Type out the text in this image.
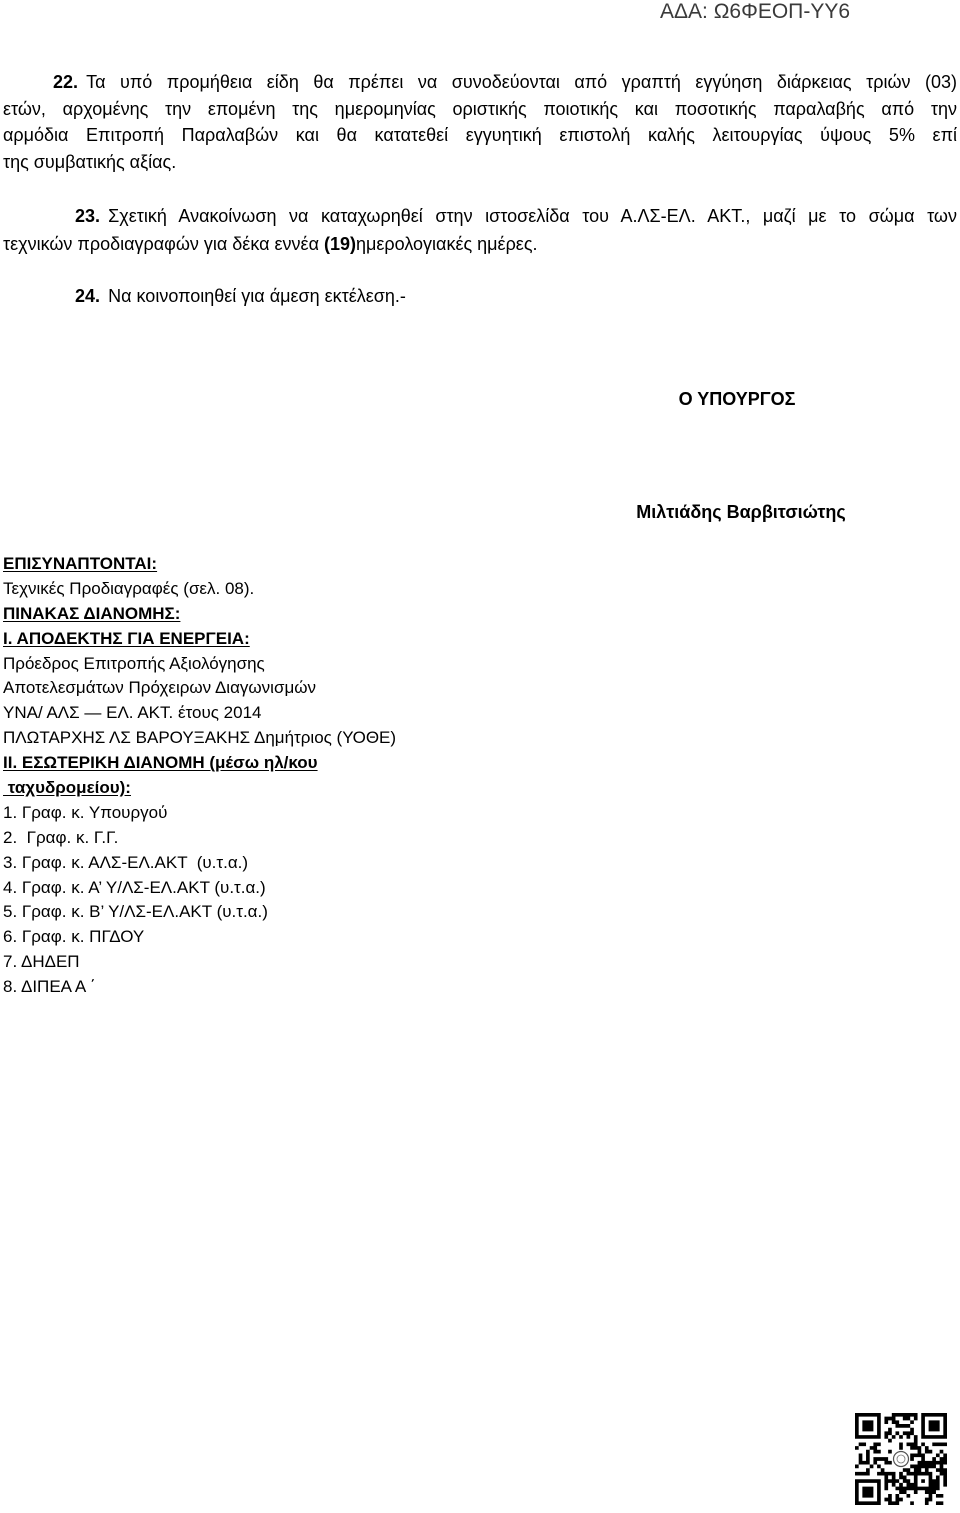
ΑΔΑ: Ω6ΦΕΟΠ-ΥΥ6
22. Τα υπό προμήθεια είδη θα πρέπει να συνοδεύονται από γραπτή εγγύηση διάρκειας τριών (03)
ετών, αρχομένης την επομένη της ημερομηνίας οριστικής ποιοτικής και ποσοτικής παραλαβής από την
αρμόδια Επιτροπή Παραλαβών και θα κατατεθεί εγγυητική επιστολή καλής λειτουργίας ύψους 5% επί
της συμβατικής αξίας.
23. Σχετική Ανακοίνωση να καταχωρηθεί στην ιστοσελίδα του Α.ΛΣ-ΕΛ. ΑΚΤ., μαζί με το σώμα των
τεχνικών προδιαγραφών για δέκα εννέα (19)ημερολογιακές ημέρες.
24. Να κοινοποιηθεί για άμεση εκτέλεση.-
Ο ΥΠΟΥΡΓΟΣ
Μιλτιάδης Βαρβιτσιώτης
ΕΠΙΣΥΝΑΠΤΟΝΤΑΙ:
Τεχνικές Προδιαγραφές (σελ. 08).
ΠΙΝΑΚΑΣ ΔΙΑΝΟΜΗΣ:
Ι. ΑΠΟΔΕΚΤΗΣ ΓΙΑ ΕΝΕΡΓΕΙΑ:
Πρόεδρος Επιτροπής Αξιολόγησης
Αποτελεσμάτων Πρόχειρων Διαγωνισμών
ΥΝΑ/ ΑΛΣ — ΕΛ. ΑΚΤ. έτους 2014
ΠΛΩΤΑΡΧΗΣ ΛΣ ΒΑΡΟΥΞΑΚΗΣ Δημήτριος (ΥΟΘΕ)
ΙΙ. ΕΣΩΤΕΡΙΚΗ ΔΙΑΝΟΜΗ (μέσω ηλ/κου
ταχυδρομείου):
1. Γραφ. κ. Υπουργού
2.  Γραφ. κ. Γ.Γ.
3. Γραφ. κ. ΑΛΣ-ΕΛ.ΑΚΤ  (υ.τ.α.)
4. Γραφ. κ. Α’ Υ/ΛΣ-ΕΛ.ΑΚΤ (υ.τ.α.)
5. Γραφ. κ. Β’ Υ/ΛΣ-ΕΛ.ΑΚΤ (υ.τ.α.)
6. Γραφ. κ. ΠΓΔΟΥ
7. ΔΗΔΕΠ
8. ΔΙΠΕΑ Α ΄
